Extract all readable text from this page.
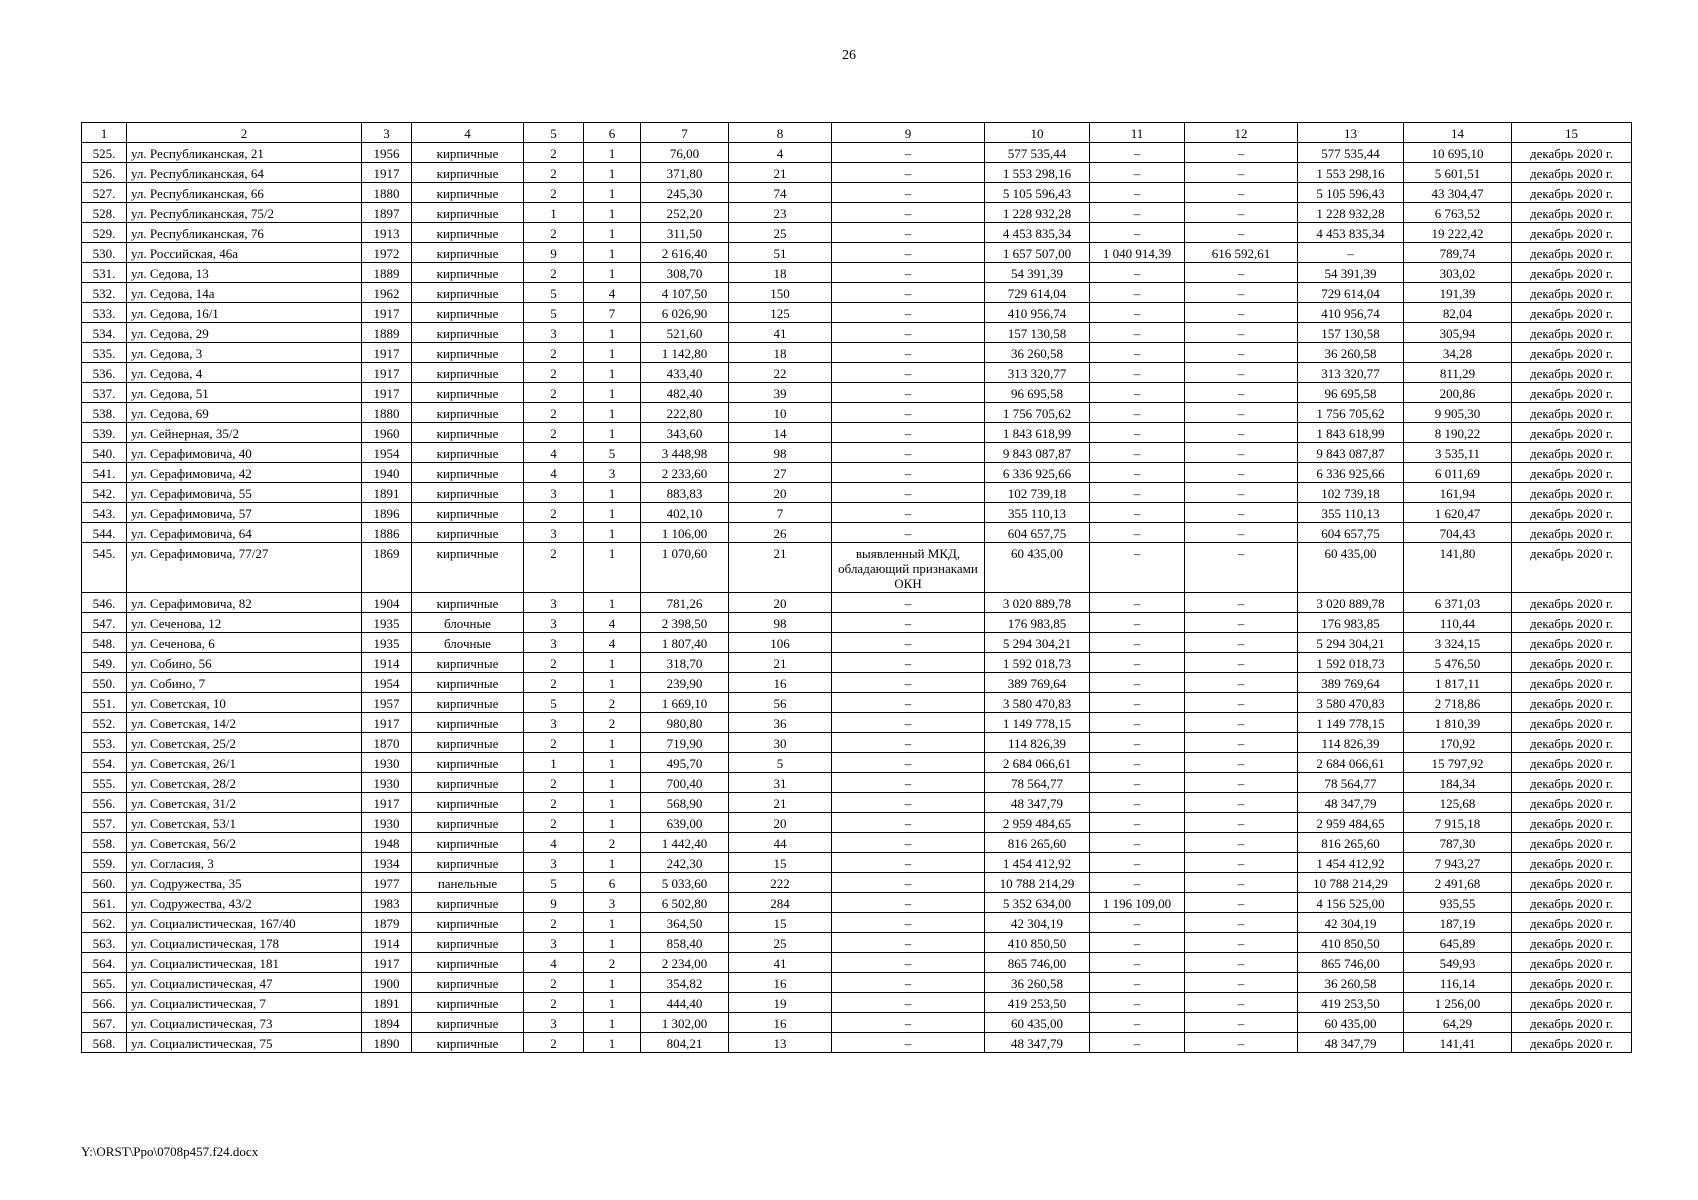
26
1	2	3	4	5	6	7	8	9	10	11	12	13	14	15
525.	ул. Республиканская, 21	1956	кирпичные	2	1	76,00	4	–	577 535,44	–	–	577 535,44	10 695,10	декабрь 2020 г.
526.	ул. Республиканская, 64	1917	кирпичные	2	1	371,80	21	–	1 553 298,16	–	–	1 553 298,16	5 601,51	декабрь 2020 г.
527.	ул. Республиканская, 66	1880	кирпичные	2	1	245,30	74	–	5 105 596,43	–	–	5 105 596,43	43 304,47	декабрь 2020 г.
528.	ул. Республиканская, 75/2	1897	кирпичные	1	1	252,20	23	–	1 228 932,28	–	–	1 228 932,28	6 763,52	декабрь 2020 г.
529.	ул. Республиканская, 76	1913	кирпичные	2	1	311,50	25	–	4 453 835,34	–	–	4 453 835,34	19 222,42	декабрь 2020 г.
530.	ул. Российская, 46а	1972	кирпичные	9	1	2 616,40	51	–	1 657 507,00	1 040 914,39	616 592,61	–	789,74	декабрь 2020 г.
531.	ул. Седова, 13	1889	кирпичные	2	1	308,70	18	–	54 391,39	–	–	54 391,39	303,02	декабрь 2020 г.
532.	ул. Седова, 14а	1962	кирпичные	5	4	4 107,50	150	–	729 614,04	–	–	729 614,04	191,39	декабрь 2020 г.
533.	ул. Седова, 16/1	1917	кирпичные	5	7	6 026,90	125	–	410 956,74	–	–	410 956,74	82,04	декабрь 2020 г.
534.	ул. Седова, 29	1889	кирпичные	3	1	521,60	41	–	157 130,58	–	–	157 130,58	305,94	декабрь 2020 г.
535.	ул. Седова, 3	1917	кирпичные	2	1	1 142,80	18	–	36 260,58	–	–	36 260,58	34,28	декабрь 2020 г.
536.	ул. Седова, 4	1917	кирпичные	2	1	433,40	22	–	313 320,77	–	–	313 320,77	811,29	декабрь 2020 г.
537.	ул. Седова, 51	1917	кирпичные	2	1	482,40	39	–	96 695,58	–	–	96 695,58	200,86	декабрь 2020 г.
538.	ул. Седова, 69	1880	кирпичные	2	1	222,80	10	–	1 756 705,62	–	–	1 756 705,62	9 905,30	декабрь 2020 г.
539.	ул. Сейнерная, 35/2	1960	кирпичные	2	1	343,60	14	–	1 843 618,99	–	–	1 843 618,99	8 190,22	декабрь 2020 г.
540.	ул. Серафимовича, 40	1954	кирпичные	4	5	3 448,98	98	–	9 843 087,87	–	–	9 843 087,87	3 535,11	декабрь 2020 г.
541.	ул. Серафимовича, 42	1940	кирпичные	4	3	2 233,60	27	–	6 336 925,66	–	–	6 336 925,66	6 011,69	декабрь 2020 г.
542.	ул. Серафимовича, 55	1891	кирпичные	3	1	883,83	20	–	102 739,18	–	–	102 739,18	161,94	декабрь 2020 г.
543.	ул. Серафимовича, 57	1896	кирпичные	2	1	402,10	7	–	355 110,13	–	–	355 110,13	1 620,47	декабрь 2020 г.
544.	ул. Серафимовича, 64	1886	кирпичные	3	1	1 106,00	26	–	604 657,75	–	–	604 657,75	704,43	декабрь 2020 г.
545.	ул. Серафимовича, 77/27	1869	кирпичные	2	1	1 070,60	21	выявленный МКД, обладающий признаками ОКН	60 435,00	–	–	60 435,00	141,80	декабрь 2020 г.
546.	ул. Серафимовича, 82	1904	кирпичные	3	1	781,26	20	–	3 020 889,78	–	–	3 020 889,78	6 371,03	декабрь 2020 г.
547.	ул. Сеченова, 12	1935	блочные	3	4	2 398,50	98	–	176 983,85	–	–	176 983,85	110,44	декабрь 2020 г.
548.	ул. Сеченова, 6	1935	блочные	3	4	1 807,40	106	–	5 294 304,21	–	–	5 294 304,21	3 324,15	декабрь 2020 г.
549.	ул. Собино, 56	1914	кирпичные	2	1	318,70	21	–	1 592 018,73	–	–	1 592 018,73	5 476,50	декабрь 2020 г.
550.	ул. Собино, 7	1954	кирпичные	2	1	239,90	16	–	389 769,64	–	–	389 769,64	1 817,11	декабрь 2020 г.
551.	ул. Советская, 10	1957	кирпичные	5	2	1 669,10	56	–	3 580 470,83	–	–	3 580 470,83	2 718,86	декабрь 2020 г.
552.	ул. Советская, 14/2	1917	кирпичные	3	2	980,80	36	–	1 149 778,15	–	–	1 149 778,15	1 810,39	декабрь 2020 г.
553.	ул. Советская, 25/2	1870	кирпичные	2	1	719,90	30	–	114 826,39	–	–	114 826,39	170,92	декабрь 2020 г.
554.	ул. Советская, 26/1	1930	кирпичные	1	1	495,70	5	–	2 684 066,61	–	–	2 684 066,61	15 797,92	декабрь 2020 г.
555.	ул. Советская, 28/2	1930	кирпичные	2	1	700,40	31	–	78 564,77	–	–	78 564,77	184,34	декабрь 2020 г.
556.	ул. Советская, 31/2	1917	кирпичные	2	1	568,90	21	–	48 347,79	–	–	48 347,79	125,68	декабрь 2020 г.
557.	ул. Советская, 53/1	1930	кирпичные	2	1	639,00	20	–	2 959 484,65	–	–	2 959 484,65	7 915,18	декабрь 2020 г.
558.	ул. Советская, 56/2	1948	кирпичные	4	2	1 442,40	44	–	816 265,60	–	–	816 265,60	787,30	декабрь 2020 г.
559.	ул. Согласия, 3	1934	кирпичные	3	1	242,30	15	–	1 454 412,92	–	–	1 454 412,92	7 943,27	декабрь 2020 г.
560.	ул. Содружества, 35	1977	панельные	5	6	5 033,60	222	–	10 788 214,29	–	–	10 788 214,29	2 491,68	декабрь 2020 г.
561.	ул. Содружества, 43/2	1983	кирпичные	9	3	6 502,80	284	–	5 352 634,00	1 196 109,00	–	4 156 525,00	935,55	декабрь 2020 г.
562.	ул. Социалистическая, 167/40	1879	кирпичные	2	1	364,50	15	–	42 304,19	–	–	42 304,19	187,19	декабрь 2020 г.
563.	ул. Социалистическая, 178	1914	кирпичные	3	1	858,40	25	–	410 850,50	–	–	410 850,50	645,89	декабрь 2020 г.
564.	ул. Социалистическая, 181	1917	кирпичные	4	2	2 234,00	41	–	865 746,00	–	–	865 746,00	549,93	декабрь 2020 г.
565.	ул. Социалистическая, 47	1900	кирпичные	2	1	354,82	16	–	36 260,58	–	–	36 260,58	116,14	декабрь 2020 г.
566.	ул. Социалистическая, 7	1891	кирпичные	2	1	444,40	19	–	419 253,50	–	–	419 253,50	1 256,00	декабрь 2020 г.
567.	ул. Социалистическая, 73	1894	кирпичные	3	1	1 302,00	16	–	60 435,00	–	–	60 435,00	64,29	декабрь 2020 г.
568.	ул. Социалистическая, 75	1890	кирпичные	2	1	804,21	13	–	48 347,79	–	–	48 347,79	141,41	декабрь 2020 г.
Y:\ORST\Ppo\0708p457.f24.docx
